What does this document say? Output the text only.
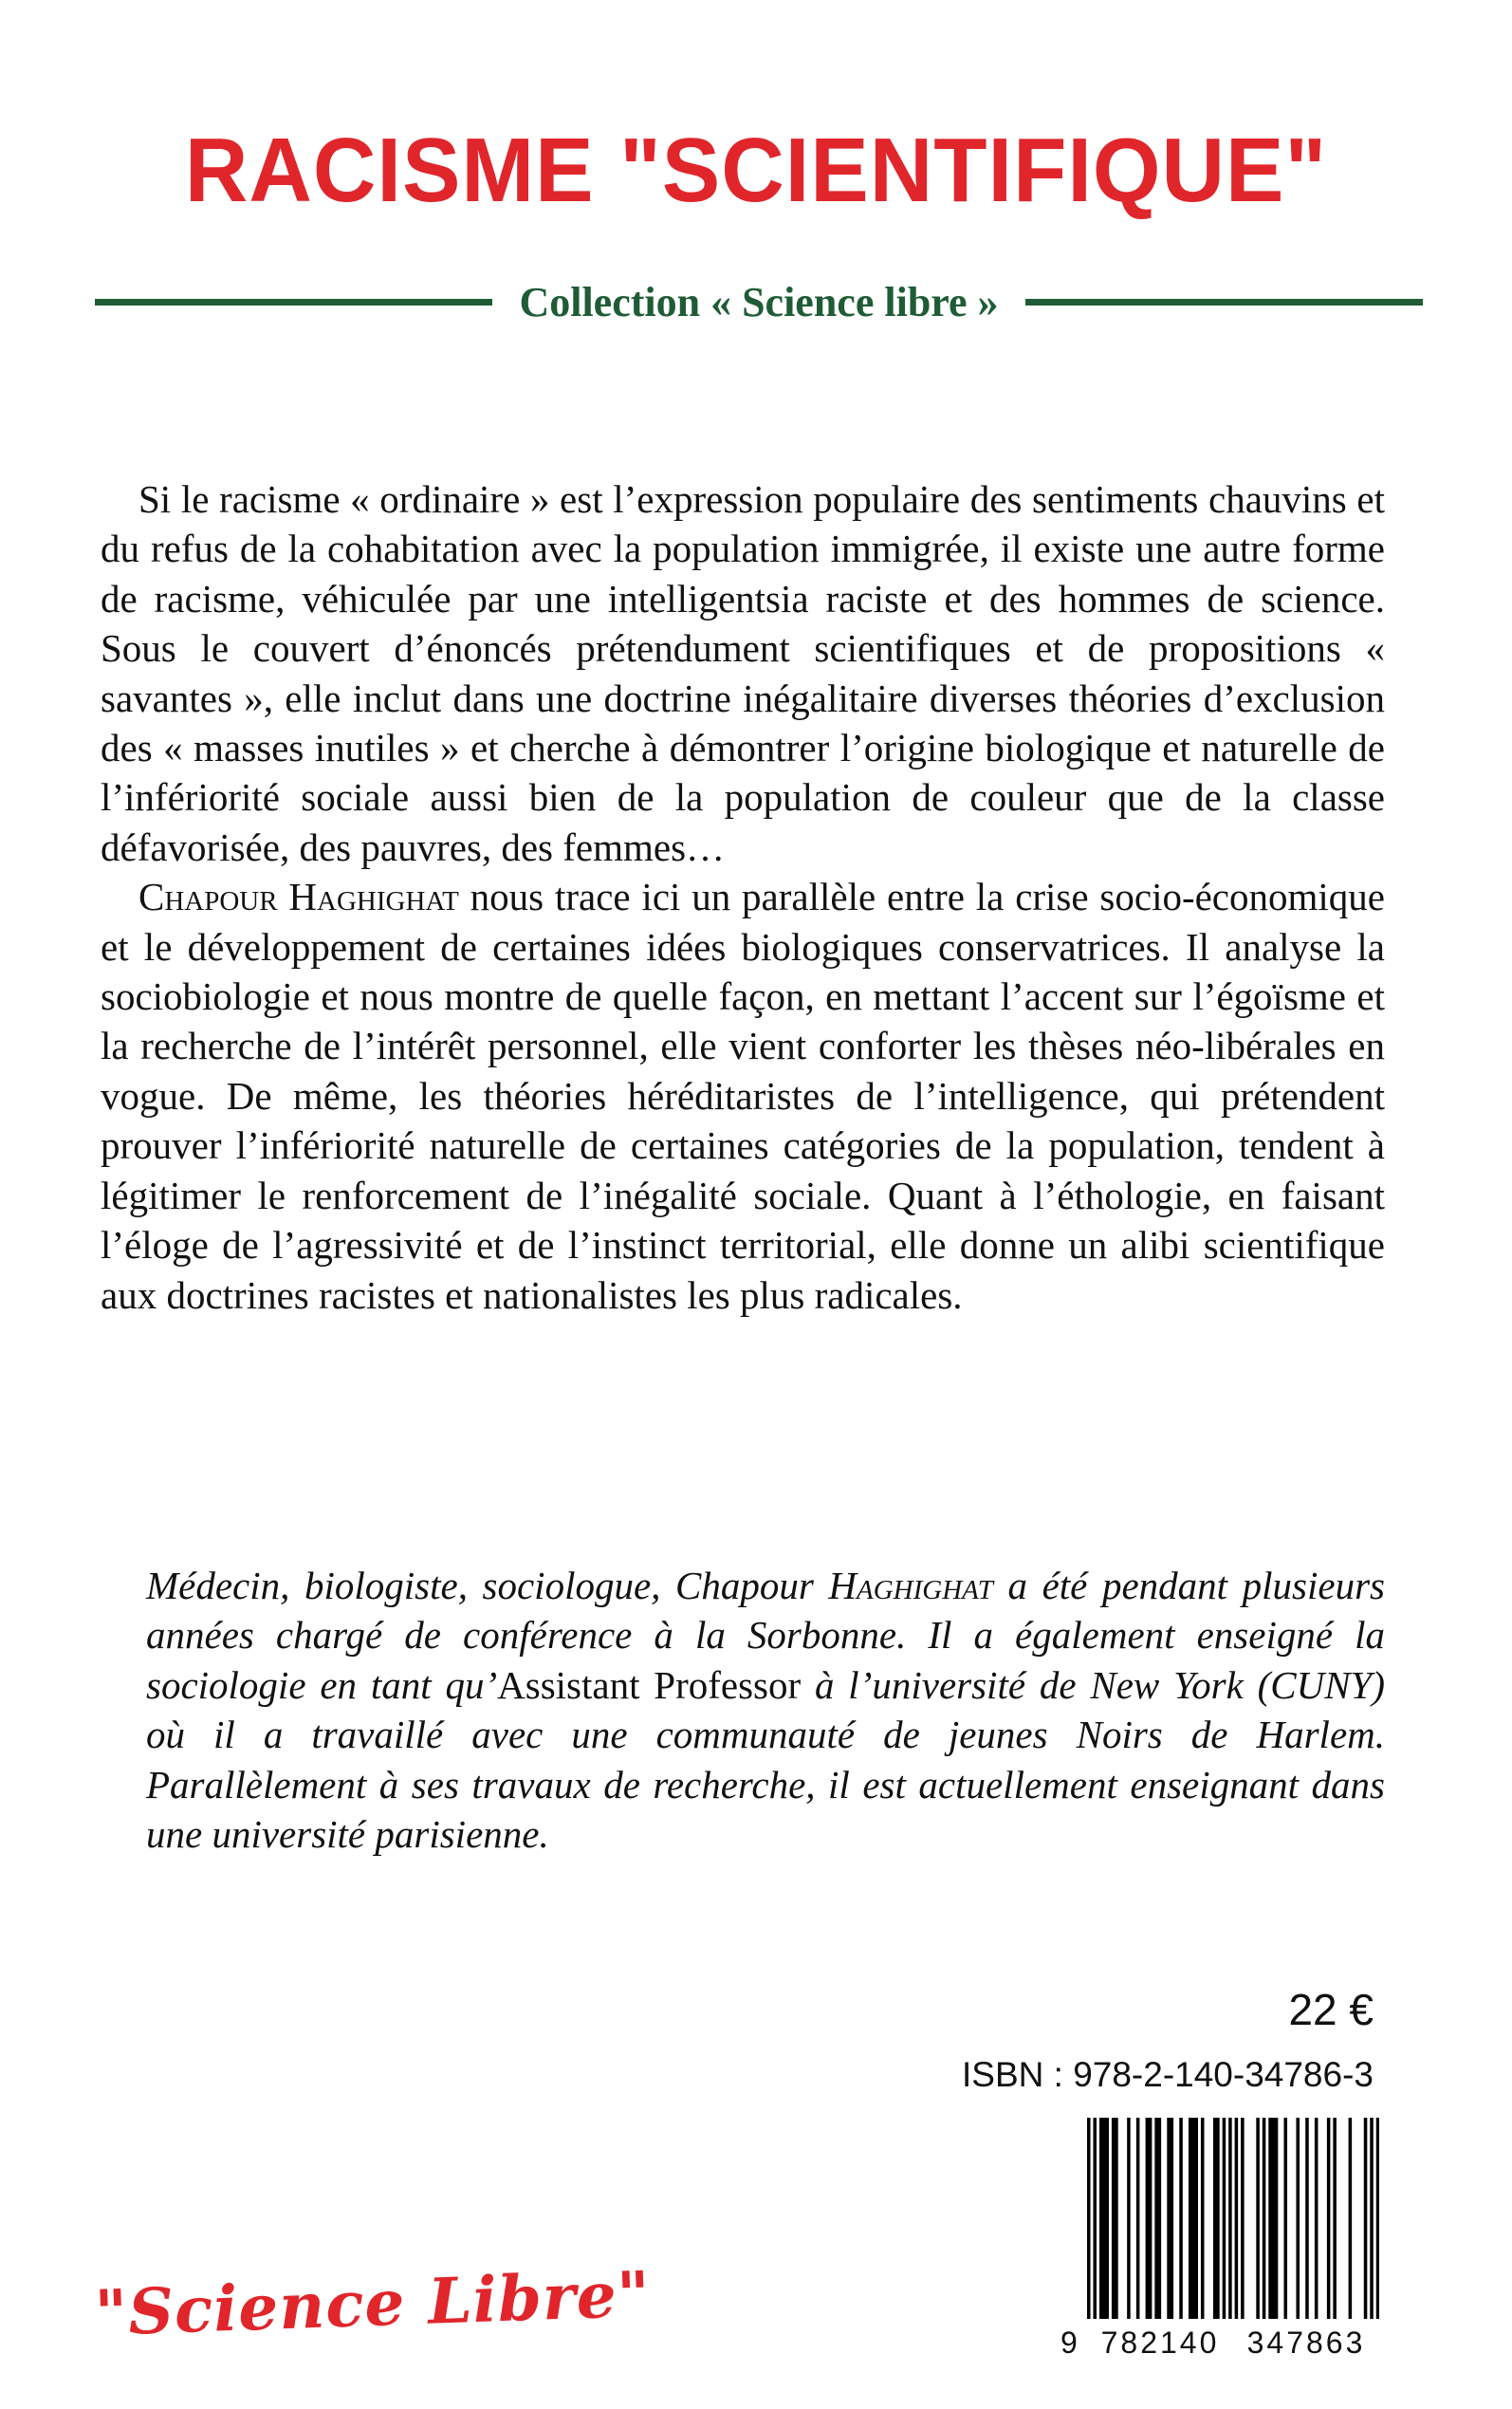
RACISME "SCIENTIFIQUE"
Collection « Science libre »

Si le racisme « ordinaire » est l’expression populaire des sentiments chauvins et du refus de la cohabitation avec la population immigrée, il existe une autre forme de racisme, véhiculée par une intelligentsia raciste et des hommes de science. Sous le couvert d’énoncés prétendument scientifiques et de propositions « savantes », elle inclut dans une doctrine inégalitaire diverses théories d’exclusion des « masses inutiles » et cherche à démontrer l’origine biologique et naturelle de l’infériorité sociale aussi bien de la population de couleur que de la classe défavorisée, des pauvres, des femmes…

Chapour Haghighat nous trace ici un parallèle entre la crise socio-économique et le développement de certaines idées biologiques conservatrices. Il analyse la sociobiologie et nous montre de quelle façon, en mettant l’accent sur l’égoïsme et la recherche de l’intérêt personnel, elle vient conforter les thèses néo-libérales en vogue. De même, les théories héréditaristes de l’intelligence, qui prétendent prouver l’infériorité naturelle de certaines catégories de la population, tendent à légitimer le renforcement de l’inégalité sociale. Quant à l’éthologie, en faisant l’éloge de l’agressivité et de l’instinct territorial, elle donne un alibi scientifique aux doctrines racistes et nationalistes les plus radicales.

Médecin, biologiste, sociologue, Chapour Haghighat a été pendant plusieurs années chargé de conférence à la Sorbonne. Il a également enseigné la sociologie en tant qu’Assistant Professor à l’université de New York (CUNY) où il a travaillé avec une communauté de jeunes Noirs de Harlem. Parallèlement à ses travaux de recherche, il est actuellement enseignant dans une université parisienne.

22 €
ISBN : 978-2-140-34786-3
9 782140 347863
"Science Libre"
